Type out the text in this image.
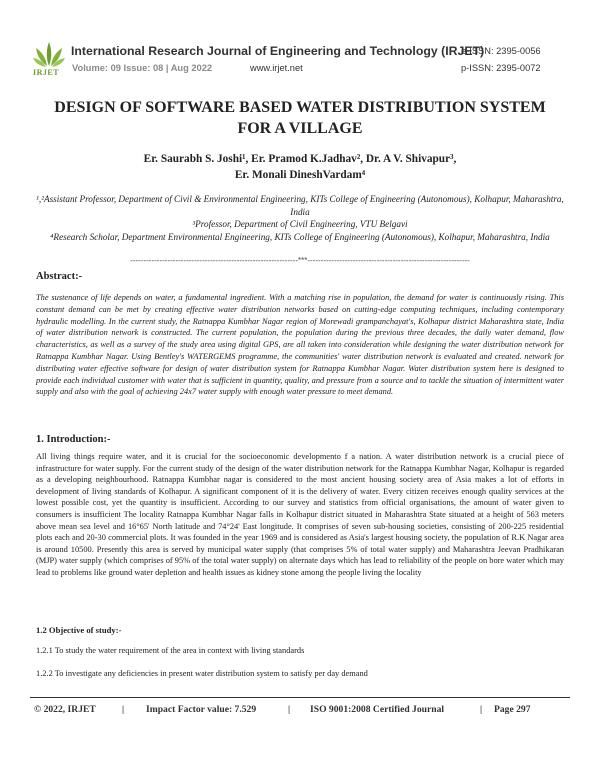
IRJET
International Research Journal of Engineering and Technology (IRJET)
Volume: 09 Issue: 08 | Aug 2022	www.irjet.net
e-ISSN: 2395-0056
p-ISSN: 2395-0072
DESIGN OF SOFTWARE BASED WATER DISTRIBUTION SYSTEM FOR A VILLAGE
Er. Saurabh S. Joshi¹, Er. Pramod K.Jadhav², Dr. A V. Shivapur³,
Er. Monali DineshVardam⁴
¹,²Assistant Professor, Department of Civil & Environmental Engineering, KITs College of Engineering (Autonomous), Kolhapur, Maharashtra, India
³Professor, Department of Civil Engineering, VTU Belgavi
⁴Research Scholar, Department Environmental Engineering, KITs College of Engineering (Autonomous), Kolhapur, Maharashtra, India
---------------------------------------------------------------***-------------------------------------------------------------
Abstract:-
The sustenance of life depends on water, a fundamental ingredient. With a matching rise in population, the demand for water is continuously rising. This constant demand can be met by creating effective water distribution networks based on cutting-edge computing techniques, including contemporary hydraulic modelling. In the current study, the Ratnappa Kumbhar Nagar region of Morewadi grampanchayat's, Kolhapur district Maharashtra state, India of water distribution network is constructed. The current population, the population during the previous three decades, the daily water demand, flow characteristics, as well as a survey of the study area using digital GPS, are all taken into consideration while designing the water distribution network for Ratnappa Kumbhar Nagar. Using Bentley's WATERGEMS programme, the communities' water distribution network is evaluated and created. network for distributing water effective software for design of water distribution system for Ratnappa Kumbhar Nagar. Water distribution system here is designed to provide each individual customer with water that is sufficient in quantity, quality, and pressure from a source and to tackle the situation of intermittent water supply and also with the goal of achieving 24x7 water supply with enough water pressure to meet demand.
1. Introduction:-
All living things require water, and it is crucial for the socioeconomic developmento f a nation. A water distribution network is a crucial piece of infrastructure for water supply. For the current study of the design of the water distribution network for the Ratnappa Kumbhar Nagar, Kolhapur is regarded as a developing neighbourhood. Ratnappa Kumbhar nagar is considered to the most ancient housing society area of Asia makes a lot of efforts in development of living standards of Kolhapur. A significant component of it is the delivery of water. Every citizen receives enough quality services at the lowest possible cost, yet the quantity is insufficient. According to our survey and statistics from official organisations, the amount of water given to consumers is insufficient The locality Ratnappa Kumbhar Nagar falls in Kolhapur district situated in Maharashtra State situated at a height of 563 meters above mean sea level and 16°65' North latitude and 74°24' East longitude. It comprises of seven sub-housing societies, consisting of 200-225 residential plots each and 20-30 commercial plots. It was founded in the year 1969 and is considered as Asia's largest housing society, the population of R.K Nagar area is around 10500. Presently this area is served by municipal water supply (that comprises 5% of total water supply) and Maharashtra Jeevan Pradhikaran (MJP) water supply (which comprises of 95% of the total water supply) on alternate days which has lead to reliability of the people on bore water which may lead to problems like ground water depletion and health issues as kidney stone among the people living the locality
1.2 Objective of study:-
1.2.1 To study the water requirement of the area in context with living standards
1.2.2 To investigate any deficiencies in present water distribution system to satisfy per day demand
© 2022, IRJET	| Impact Factor value: 7.529	| ISO 9001:2008 Certified Journal	| Page 297
